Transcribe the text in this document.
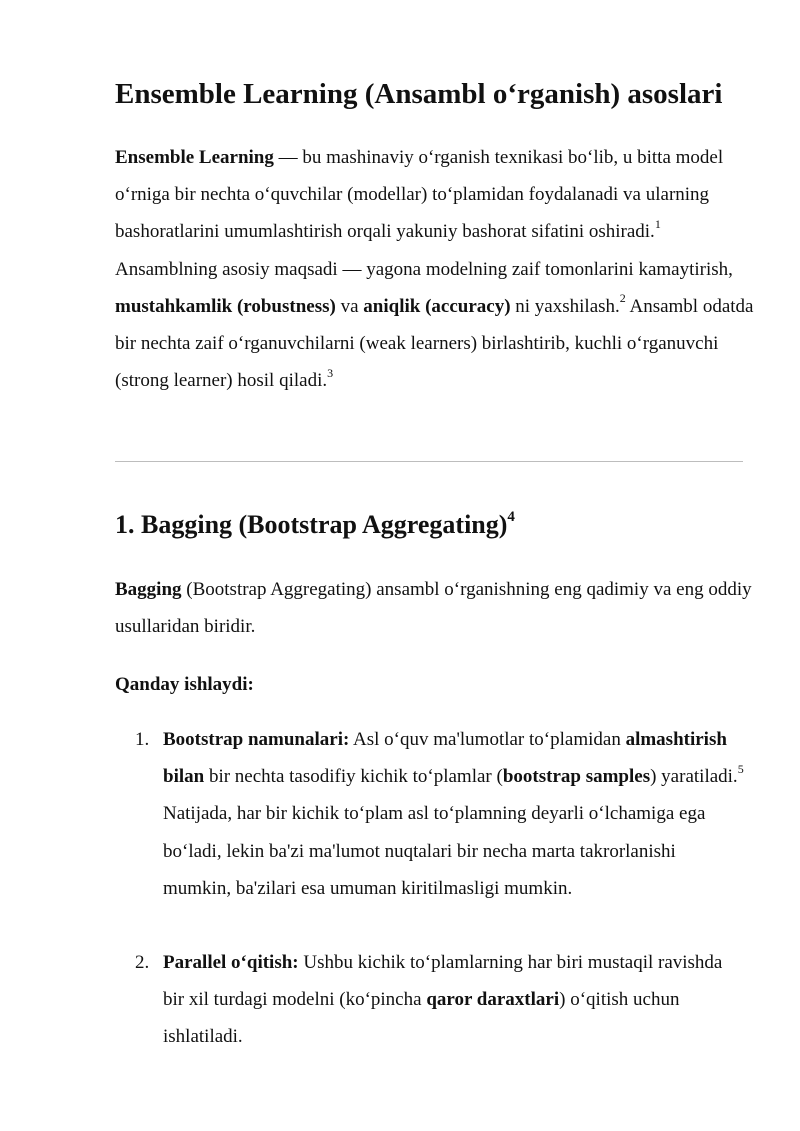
Ensemble Learning (Ansambl o‘rganish) asoslari

Ensemble Learning — bu mashinaviy o‘rganish texnikasi bo‘lib, u bitta model o‘rniga bir nechta o‘quvchilar (modellar) to‘plamidan foydalanadi va ularning bashoratlarini umumlashtirish orqali yakuniy bashorat sifatini oshiradi.$^1$ Ansamblning asosiy maqsadi — yagona modelning zaif tomonlarini kamaytirish, mustahkamlik (robustness) va aniqlik (accuracy) ni yaxshilash.$^2$ Ansambl odatda bir nechta zaif o‘rganuvchilarni (weak learners) birlashtirib, kuchli o‘rganuvchi (strong learner) hosil qiladi.$^3$

1. Bagging (Bootstrap Aggregating)$^4$

Bagging (Bootstrap Aggregating) ansambl o‘rganishning eng qadimiy va eng oddiy usullaridan biridir.

Qanday ishlaydi:
1. Bootstrap namunalari: Asl o‘quv ma'lumotlar to‘plamidan almashtirish bilan bir nechta tasodifiy kichik to‘plamlar (bootstrap samples) yaratiladi.$^5$ Natijada, har bir kichik to‘plam asl to‘plamning deyarli o‘lchamiga ega bo‘ladi, lekin ba'zi ma'lumot nuqtalari bir necha marta takrorlanishi mumkin, ba'zilari esa umuman kiritilmasligi mumkin.
2. Parallel o‘qitish: Ushbu kichik to‘plamlarning har biri mustaqil ravishda bir xil turdagi modelni (ko‘pincha qaror daraxtlari) o‘qitish uchun ishlatiladi.
